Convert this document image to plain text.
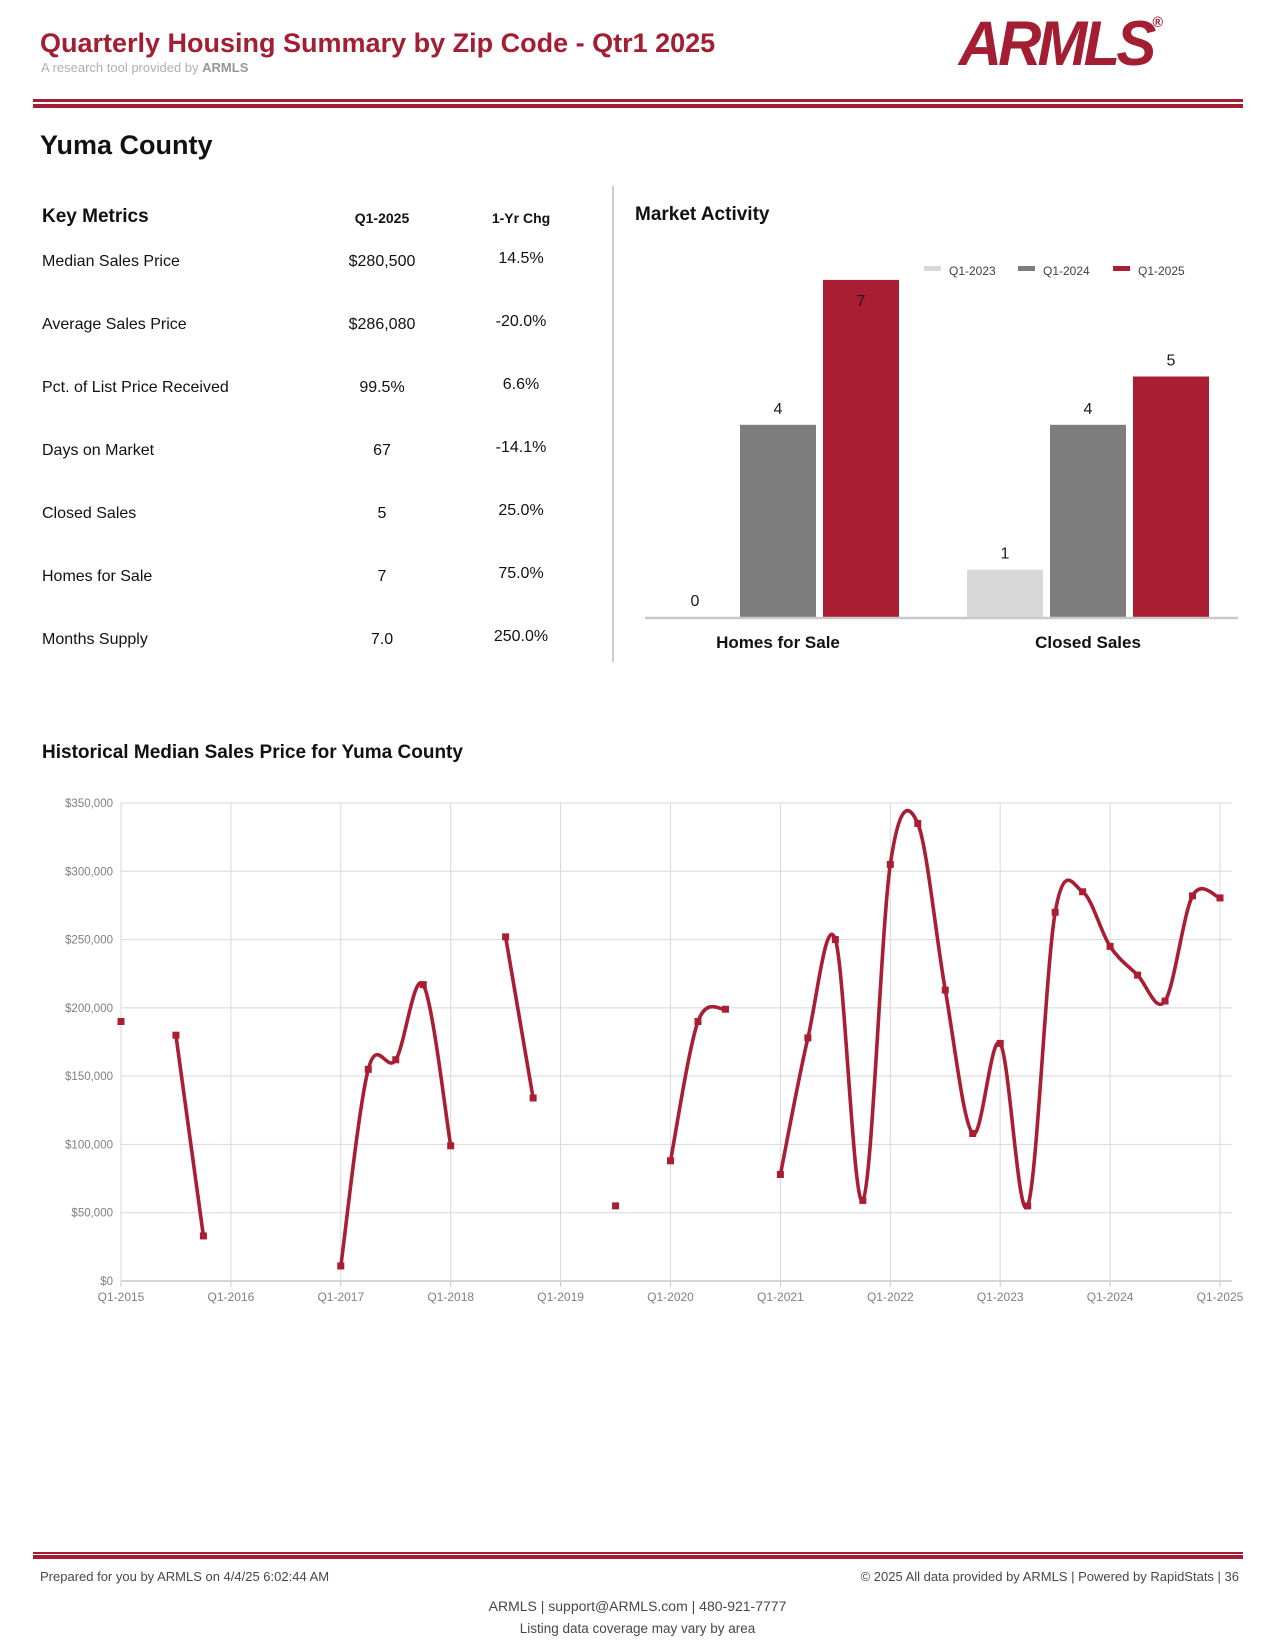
Quarterly Housing Summary by Zip Code - Qtr1 2025
A research tool provided by ARMLS	ARMLS®
Yuma County
Key Metrics	Q1-2025	1-Yr Chg
Median Sales Price	$280,500	14.5%
Average Sales Price	$286,080	-20.0%
Pct. of List Price Received	99.5%	6.6%
Days on Market	67	-14.1%
Closed Sales	5	25.0%
Homes for Sale	7	75.0%
Months Supply	7.0	250.0%
Market Activity
Q1-2023	Q1-2024	Q1-2025
0
1
4	4
7
5
Homes for Sale	Closed Sales
Historical Median Sales Price for Yuma County
$0
$50,000
$100,000
$150,000
$200,000
$250,000
$300,000
$350,000
Q1-2015	Q1-2016	Q1-2017	Q1-2018	Q1-2019	Q1-2020	Q1-2021	Q1-2022	Q1-2023	Q1-2024	Q1-2025
Prepared for you by ARMLS on 4/4/25 6:02:44 AM	© 2025 All data provided by ARMLS | Powered by RapidStats | 36
ARMLS | support@ARMLS.com | 480-921-7777
Listing data coverage may vary by area
